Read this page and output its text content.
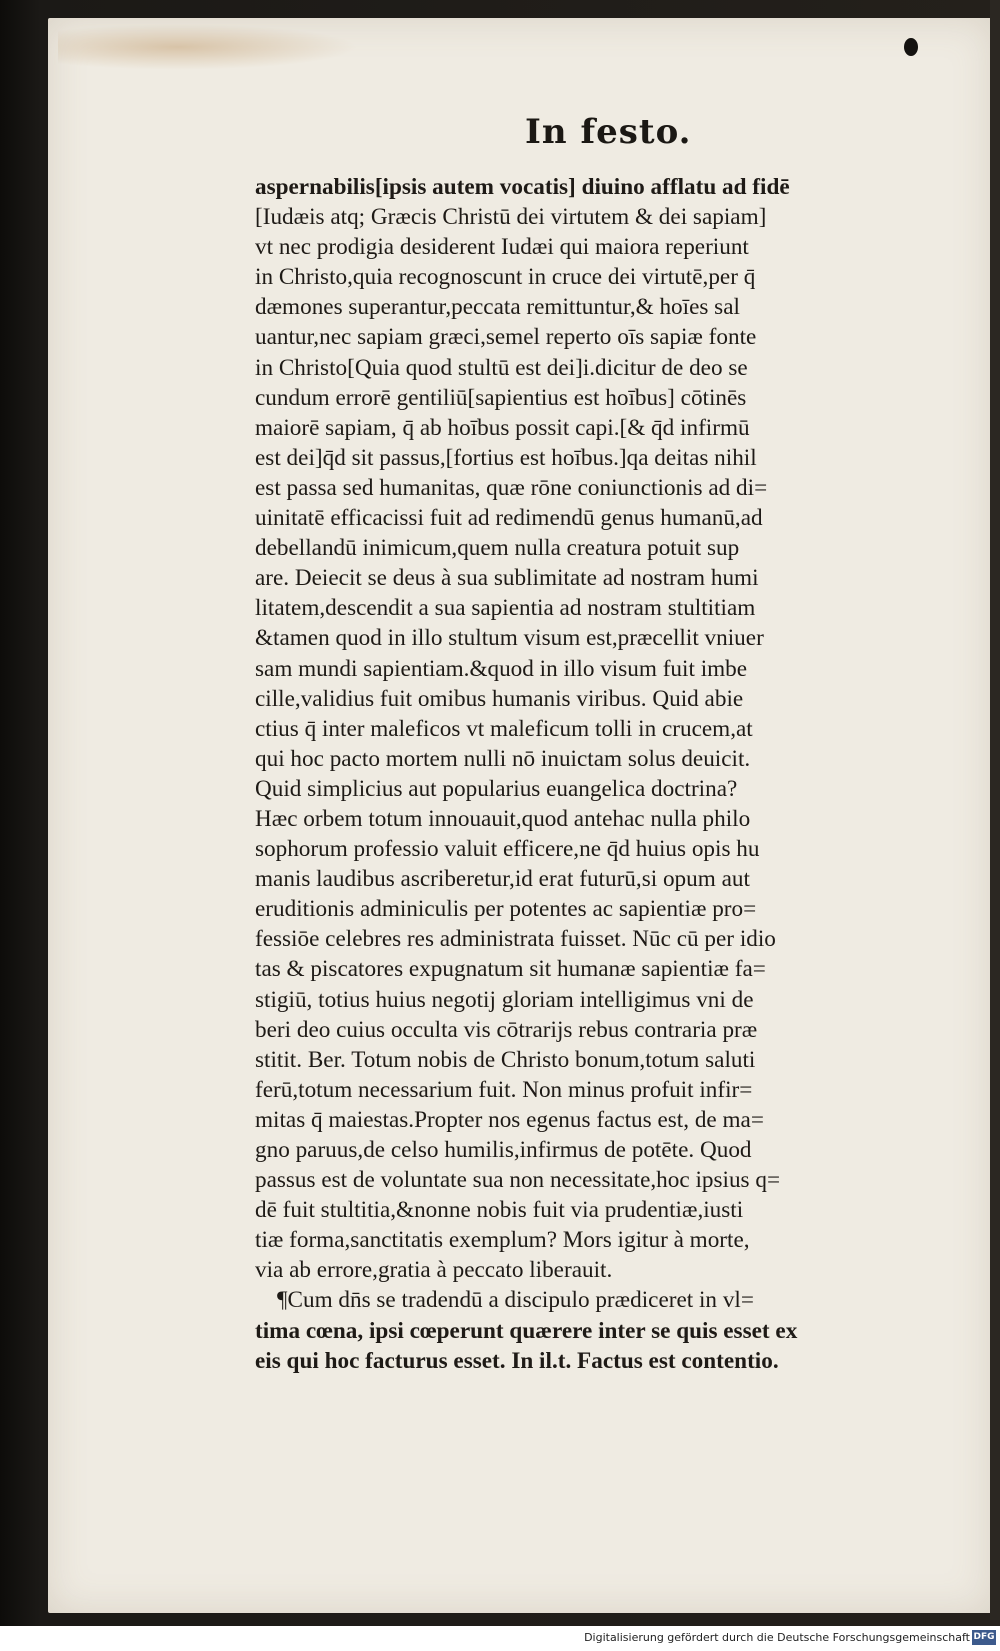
In festo.
aspernabilis[ipsis autem vocatis] diuino afflatu ad fidē
[Iudæis atq; Græcis Christū dei virtutem & dei sapiam]
vt nec prodigia desiderent Iudæi qui maiora reperiunt
in Christo,quia recognoscunt in cruce dei virtutē,per q̄
dæmones superantur,peccata remittuntur,& hoīes sal
uantur,nec sapiam græci,semel reperto oīs sapiæ fonte
in Christo[Quia quod stultū est dei]i.dicitur de deo se
cundum errorē gentiliū[sapientius est hoībus] cōtinēs
maiorē sapiam, q̄ ab hoībus possit capi.[& q̄d infirmū
est dei]q̄d sit passus,[fortius est hoībus.]qa deitas nihil
est passa sed humanitas, quæ rōne coniunctionis ad di=
uinitatē efficacissi fuit ad redimendū genus humanū,ad
debellandū inimicum,quem nulla creatura potuit sup
are. Deiecit se deus à sua sublimitate ad nostram humi
litatem,descendit a sua sapientia ad nostram stultitiam
&tamen quod in illo stultum visum est,præcellit vniuer
sam mundi sapientiam.&quod in illo visum fuit imbe
cille,validius fuit omibus humanis viribus. Quid abie
ctius q̄ inter maleficos vt maleficum tolli in crucem,at
qui hoc pacto mortem nulli nō inuictam solus deuicit.
Quid simplicius aut popularius euangelica doctrina?
Hæc orbem totum innouauit,quod antehac nulla philo
sophorum professio valuit efficere,ne q̄d huius opis hu
manis laudibus ascriberetur,id erat futurū,si opum aut
eruditionis adminiculis per potentes ac sapientiæ pro=
fessiōe celebres res administrata fuisset. Nūc cū per idio
tas & piscatores expugnatum sit humanæ sapientiæ fa=
stigiū, totius huius negotij gloriam intelligimus vni de
beri deo cuius occulta vis cōtrarijs rebus contraria præ
stitit. Ber. Totum nobis de Christo bonum,totum saluti
ferū,totum necessarium fuit. Non minus profuit infir=
mitas q̄ maiestas.Propter nos egenus factus est, de ma=
gno paruus,de celso humilis,infirmus de potēte. Quod
passus est de voluntate sua non necessitate,hoc ipsius q=
dē fuit stultitia,&nonne nobis fuit via prudentiæ,iusti
tiæ forma,sanctitatis exemplum? Mors igitur à morte,
via ab errore,gratia à peccato liberauit.
¶Cum dn̄s se tradendū a discipulo prædiceret in vl=
tima cœna, ipsi cœperunt quærere inter se quis esset ex
eis qui hoc facturus esset. In il.t. Factus est contentio.
Digitalisierung gefördert durch die Deutsche Forschungsgemeinschaft DFG
